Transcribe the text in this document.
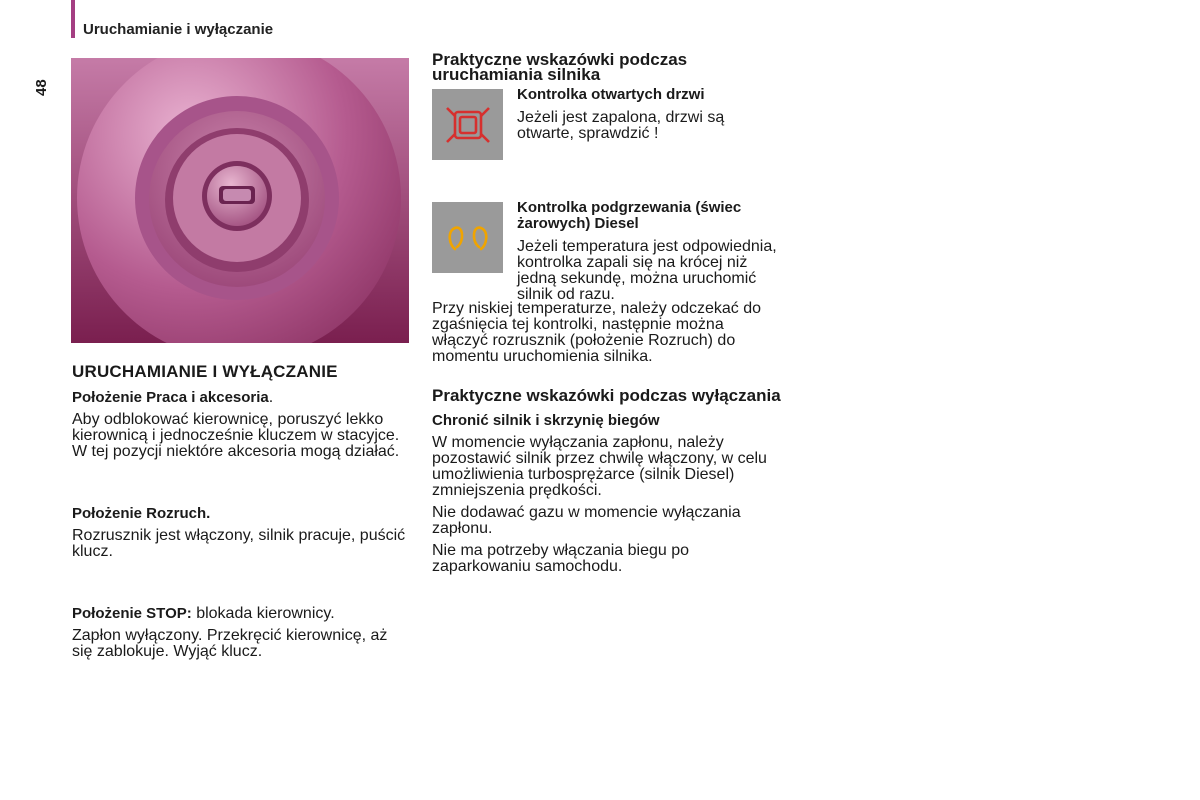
Uruchamianie i wyłączanie
48
URUCHAMIANIE I WYŁĄCZANIE
Położenie Praca i akcesoria.
Aby odblokować kierownicę, poruszyć lekko kierownicą i jednocześnie kluczem w stacyjce. W tej pozycji niektóre akcesoria mogą działać.
Położenie Rozruch.
Rozrusznik jest włączony, silnik pracuje, puścić klucz.
Położenie STOP: blokada kierownicy.
Zapłon wyłączony. Przekręcić kierownicę, aż się zablokuje. Wyjąć klucz.
Praktyczne wskazówki podczas uruchamiania silnika
Kontrolka otwartych drzwi
Jeżeli jest zapalona, drzwi są otwarte, sprawdzić !
Kontrolka podgrzewania (świec żarowych) Diesel
Jeżeli temperatura jest odpowiednia, kontrolka zapali się na krócej niż jedną sekundę, można uruchomić silnik od razu.
Przy niskiej temperaturze, należy odczekać do zgaśnięcia tej kontrolki, następnie można włączyć rozrusznik (położenie Rozruch) do momentu uruchomienia silnika.
Praktyczne wskazówki podczas wyłączania
Chronić silnik i skrzynię biegów
W momencie wyłączania zapłonu, należy pozostawić silnik przez chwilę włączony, w celu umożliwienia turbosprężarce (silnik Diesel) zmniejszenia prędkości.
Nie dodawać gazu w momencie wyłączania zapłonu.
Nie ma potrzeby włączania biegu po zaparkowaniu samochodu.
